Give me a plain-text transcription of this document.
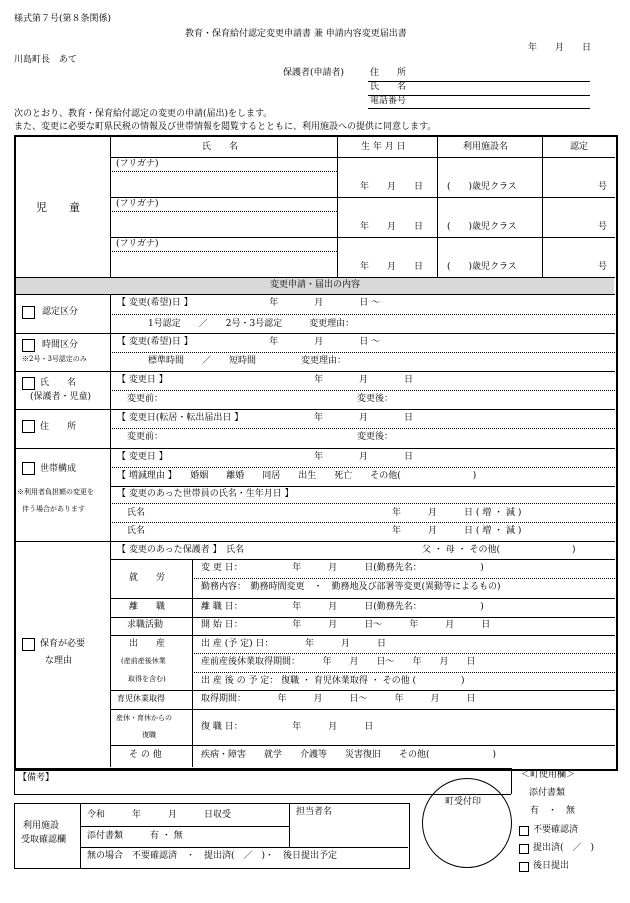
様式第７号(第８条関係)
教育・保育給付認定変更申請書 兼 申請内容変更届出書
年　　月　　日
川島町長　あて
保護者(申請者)	住　　所
氏　　名
電話番号
次のとおり、教育・保育給付認定の変更の申請(届出)をします。
また、変更に必要な町県民税の情報及び世帯情報を閲覧するとともに、利用施設への提供に同意します。
児　　童
氏　　名	生 年 月 日	利用施設名	認定
(フリガナ)
年　　月　　日	(　　)歳児クラス	号
(フリガナ)
年　　月　　日	(　　)歳児クラス	号
(フリガナ)
年　　月　　日	(　　)歳児クラス	号
変更申請・届出の内容
認定区分
【 変更(希望)日 】　　　　　　　　　年　　　　月　　　　日 〜
1号認定　　／　　2号・3号認定　　　変更理由：
時間区分
※2号・3号認定のみ
【 変更(希望)日 】　　　　　　　　　年　　　　月　　　　日 〜
標準時間　　／　　短時間　　　　　変更理由：
氏　　名
(保護者・児童)
【 変更日 】	年　　　　月　　　　日
変更前：	変更後：
住　　所
【 変更日(転居・転出届出日 】	年　　　　月　　　　日
変更前：	変更後：
世帯構成
※利用者負担額の変更を
伴う場合があります
【 変更日 】	年　　　　月　　　　日
【 増減理由 】　　婚姻　　離婚　　同居　　出生　　死亡　　その他(　　　　　　　　)
【 変更のあった世帯員の氏名・生年月日 】
氏名	年　　　月　　　日 ( 増 ・ 減 )
氏名	年　　　月　　　日 ( 増 ・ 減 )
保育が必要
な理由
【 変更のあった保護者 】　氏名	父 ・ 母 ・ その他(　　　　　　　　)
就　　労
変 更 日：　　　　　　年　　　月　　　日(勤務先名：　　　　　　　)
勤務内容：　勤務時間変更　・　勤務地及び部署等変更(異動等によるもの)
離　　職	離 職 日：　　　　　　年　　　月　　　日(勤務先名：　　　　　　　)
求職活動	開 始 日：　　　　　　年　　　月　　　日〜　　　年　　　月　　　日
出　　産
(産前産後休業
取得を含む)
出 産 (予 定) 日：　　　　年　　　月　　　日
産前産後休業取得期間：　　　年　　月　　日〜　　年　　月　　日
出 産 後 の 予 定： 復職 ・ 育児休業取得 ・ その他 (　　　　　)
育児休業取得	取得期間：　　　　年　　　月　　　日〜　　　年　　　月　　　日
産休・育休からの
復職
復 職 日：　　　　　　年　　　月　　　日
そ の 他	疾病・障害　　就学　　介護等　　災害復旧　　その他(　　　　　　　)
【備考】
利用施設
受取確認欄
令和　　　年　　　月　　　日収受
添付書類　　　有 ・ 無
無の場合　不要確認済　・　提出済(　／　)・　後日提出予定
担当者名
町受付印
＜町使用欄＞
添付書類
有　・　無
不要確認済
提出済(　／　)
後日提出
